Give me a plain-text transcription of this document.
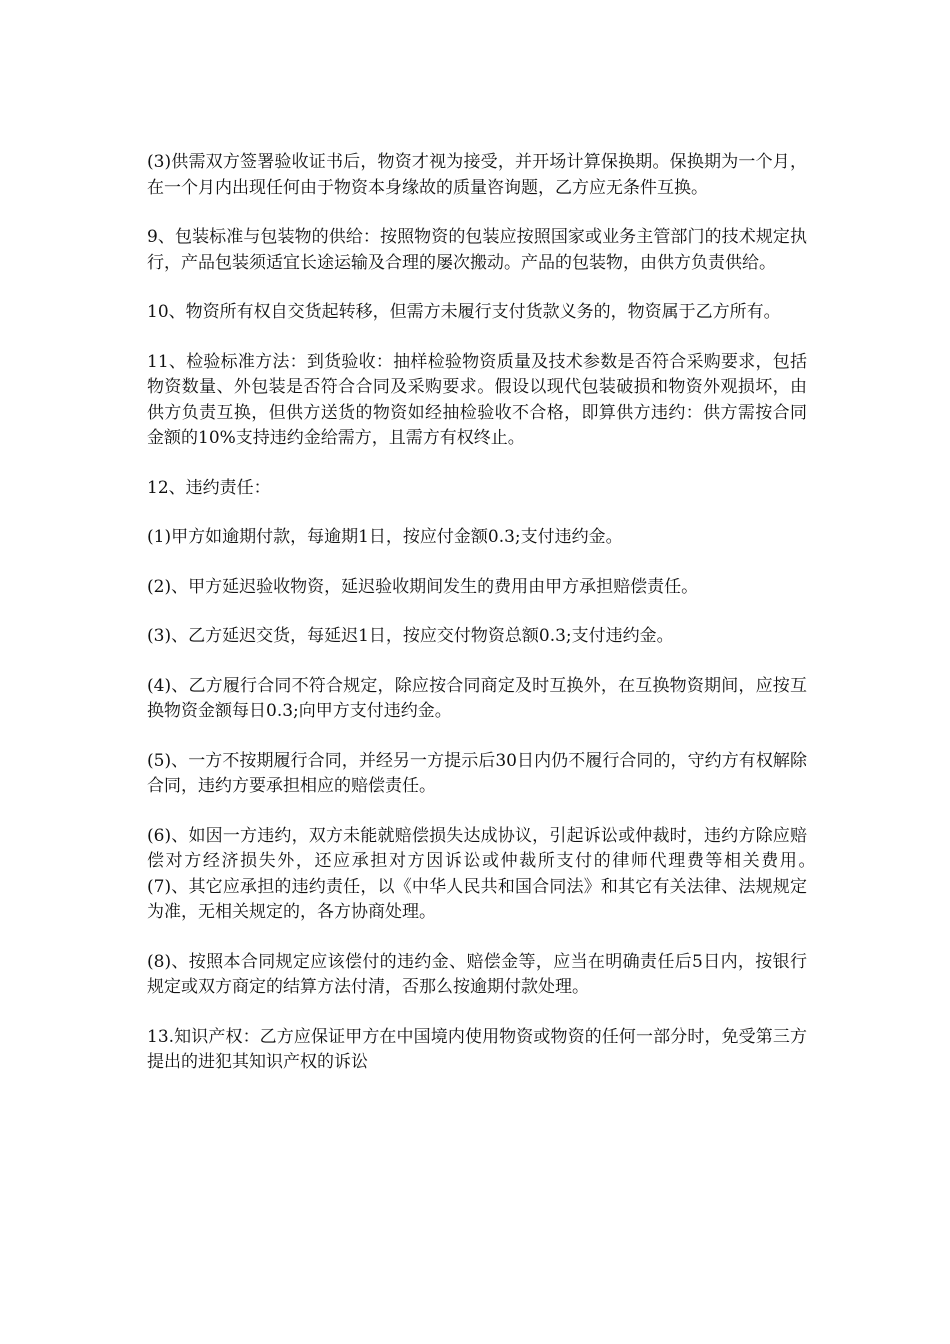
(3)供需双方签署验收证书后，物资才视为接受，并开场计算保换期。保换期为一个月，在一个月内出现任何由于物资本身缘故的质量咨询题，乙方应无条件互换。

9、包装标准与包装物的供给：按照物资的包装应按照国家或业务主管部门的技术规定执行，产品包装须适宜长途运输及合理的屡次搬动。产品的包装物，由供方负责供给。

10、物资所有权自交货起转移，但需方未履行支付货款义务的，物资属于乙方所有。

11、检验标准方法：到货验收：抽样检验物资质量及技术参数是否符合采购要求，包括物资数量、外包装是否符合合同及采购要求。假设以现代包装破损和物资外观损坏，由供方负责互换，但供方送货的物资如经抽检验收不合格，即算供方违约：供方需按合同金额的10%支持违约金给需方，且需方有权终止。

12、违约责任：

(1)甲方如逾期付款，每逾期1日，按应付金额0.3;支付违约金。

(2)、甲方延迟验收物资，延迟验收期间发生的费用由甲方承担赔偿责任。

(3)、乙方延迟交货，每延迟1日，按应交付物资总额0.3;支付违约金。

(4)、乙方履行合同不符合规定，除应按合同商定及时互换外，在互换物资期间，应按互换物资金额每日0.3;向甲方支付违约金。

(5)、一方不按期履行合同，并经另一方提示后30日内仍不履行合同的，守约方有权解除合同，违约方要承担相应的赔偿责任。

(6)、如因一方违约，双方未能就赔偿损失达成协议，引起诉讼或仲裁时，违约方除应赔偿对方经济损失外，还应承担对方因诉讼或仲裁所支付的律师代理费等相关费用。　　　(7)、其它应承担的违约责任，以《中华人民共和国合同法》和其它有关法律、法规规定为准，无相关规定的，各方协商处理。

(8)、按照本合同规定应该偿付的违约金、赔偿金等，应当在明确责任后5日内，按银行规定或双方商定的结算方法付清，否那么按逾期付款处理。

13.知识产权：乙方应保证甲方在中国境内使用物资或物资的任何一部分时，免受第三方提出的进犯其知识产权的诉讼
